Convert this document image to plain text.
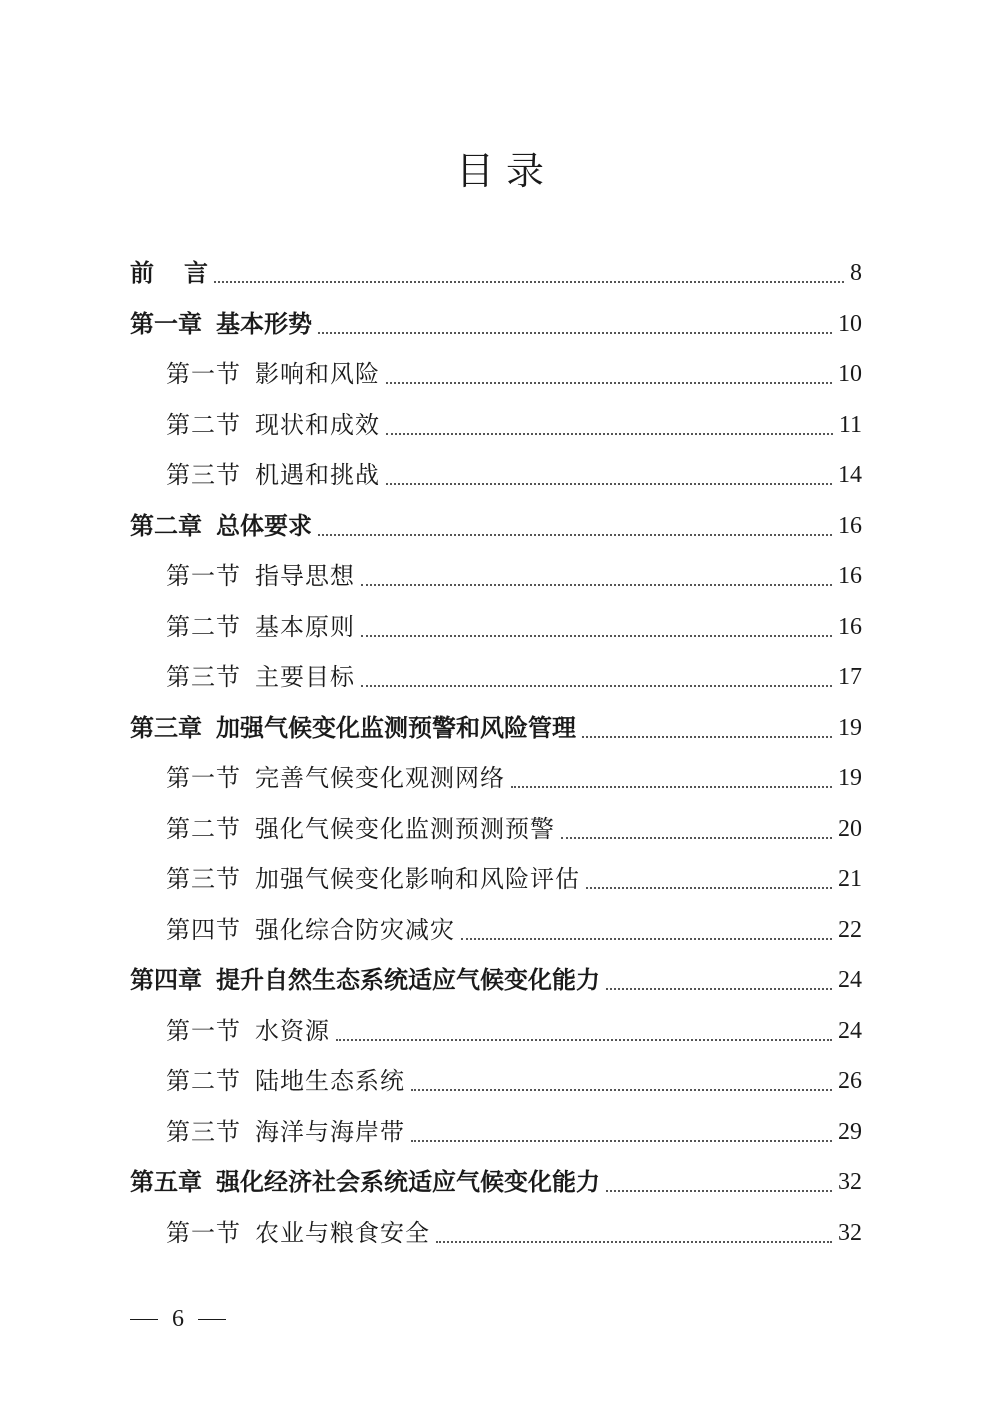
目 录
前 言	8
第一章 基本形势	10
第一节 影响和风险	10
第二节 现状和成效	11
第三节 机遇和挑战	14
第二章 总体要求	16
第一节 指导思想	16
第二节 基本原则	16
第三节 主要目标	17
第三章 加强气候变化监测预警和风险管理	19
第一节 完善气候变化观测网络	19
第二节 强化气候变化监测预测预警	20
第三节 加强气候变化影响和风险评估	21
第四节 强化综合防灾减灾	22
第四章 提升自然生态系统适应气候变化能力	24
第一节 水资源	24
第二节 陆地生态系统	26
第三节 海洋与海岸带	29
第五章 强化经济社会系统适应气候变化能力	32
第一节 农业与粮食安全	32
6
